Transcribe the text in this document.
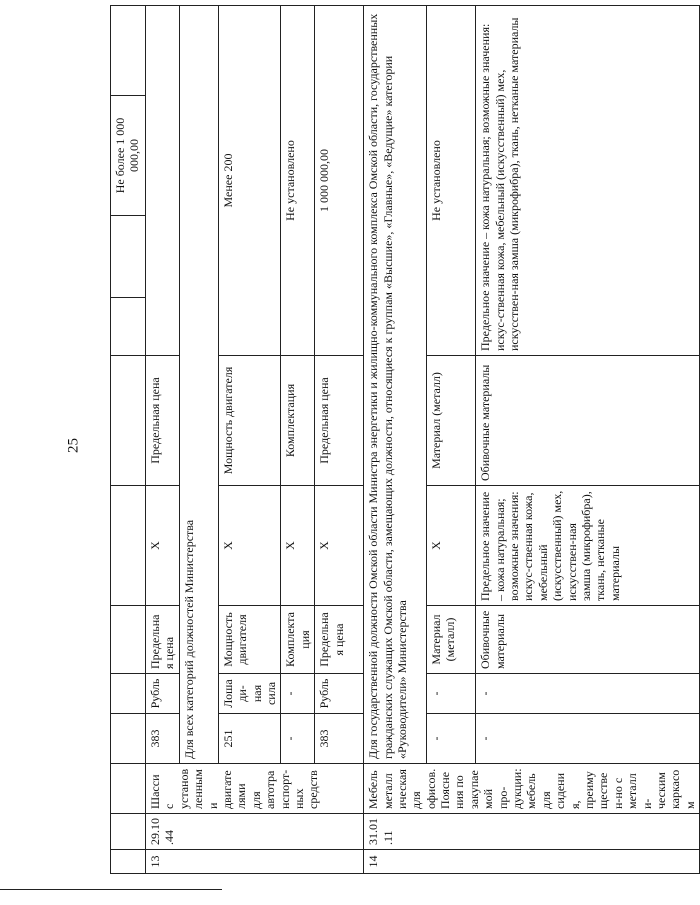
25
										Не более 1 000 000,00	
13	29.10.44	Шасси с установленными двигателями для автотранспорт-ных средств	383	Рубль	Предельная цена	X	Предельная цена				
			Для всех категорий должностей Министерства								
			251	Лошади-ная сила	Мощность двигателя	X	Мощность двигателя	Менее 200			
			-	-	Комплектация	X	Комплектация	Не установлено			
			383	Рубль	Предельная цена	X	Предельная цена	1 000 000,00			
14	31.01.11	Мебель металлическая для офисов. Пояснения по закупаемой про-дукции: мебель для сидения, преимуществен-но с металли-ческим каркасом	Для государственной должности Омской области Министра энергетики и жилищно-коммунального комплекса Омской области, государственных гражданских служащих Омской области, замещающих должности, относящиеся к группам «Высшие», «Главные», «Ведущие» категории «Руководители» Министерства								
			-	-	Материал (металл)	X	Материал (металл)	Не установлено			
			-	-	Обивочные материалы	Предельное значение – кожа натуральная; возможные значения: искус-ственная кожа, мебельный (искусственный) мех, искусствен-ная замша (микрофибра), ткань, нетканые материалы	Обивочные материалы	Предельное значение – кожа натуральная; возможные значения: искус-ственная кожа, мебельный (искусственный) мех, искусствен-ная замша (микрофибра), ткань, нетканые материалы			
